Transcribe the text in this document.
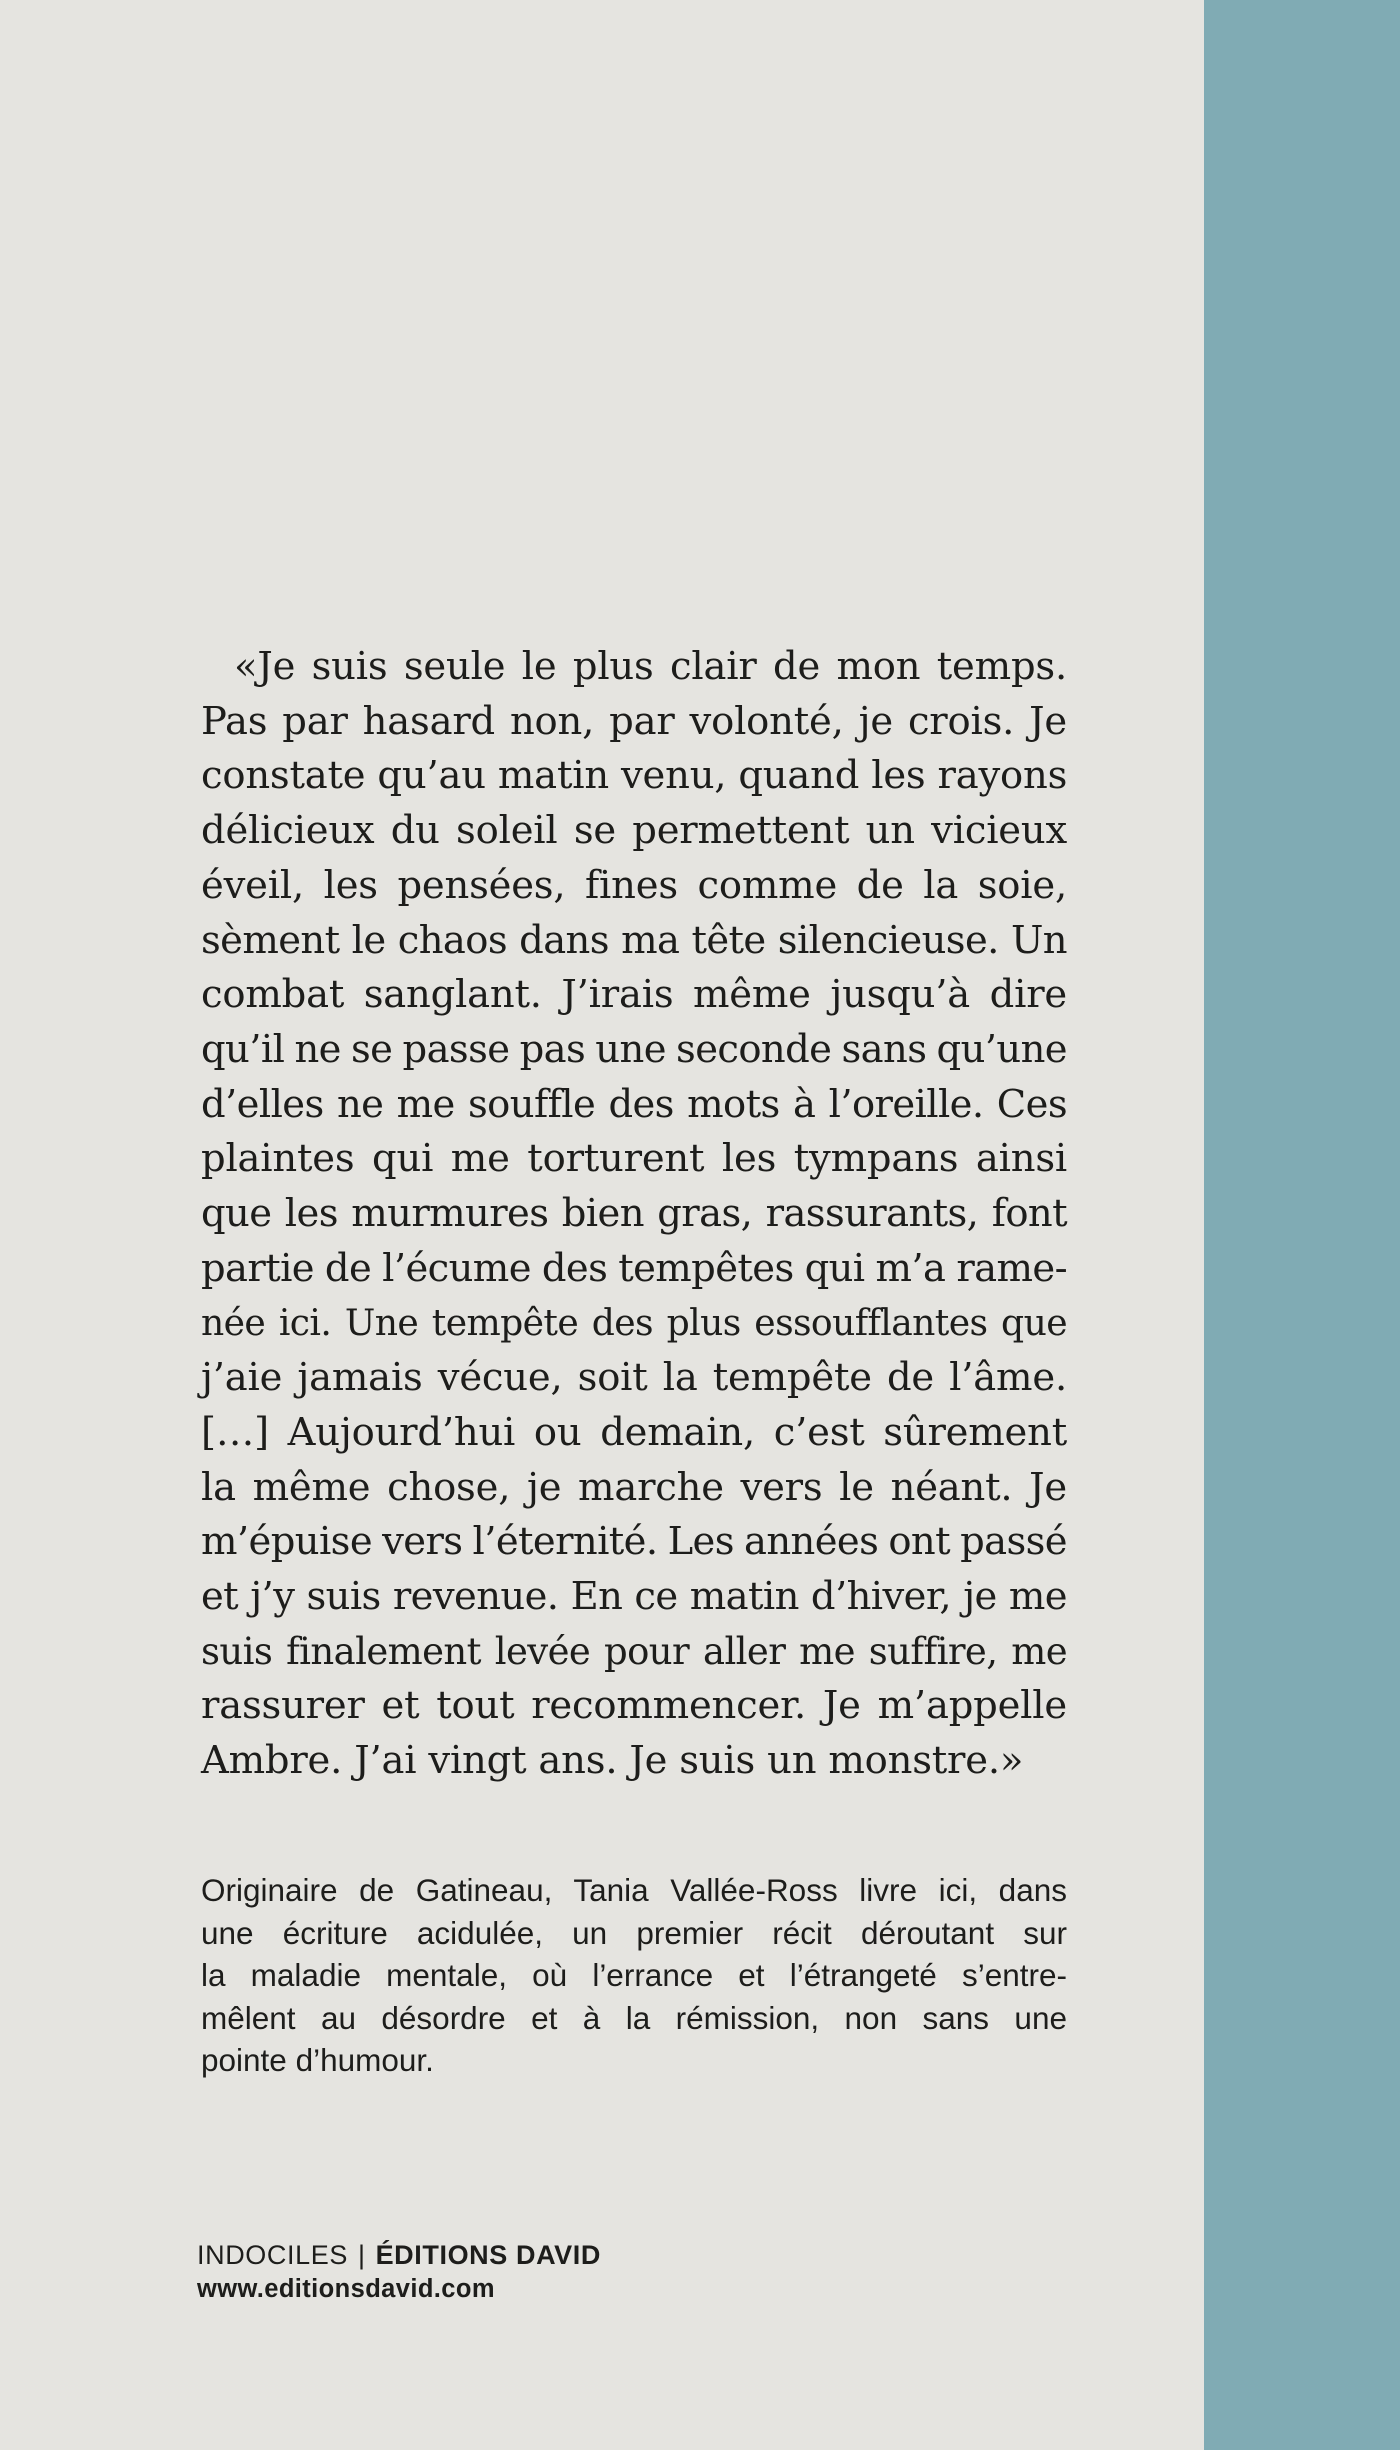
«Je suis seule le plus clair de mon temps.
Pas par hasard non, par volonté, je crois. Je
constate qu’au matin venu, quand les rayons
délicieux du soleil se permettent un vicieux
éveil, les pensées, fines comme de la soie,
sèment le chaos dans ma tête silencieuse. Un
combat sanglant. J’irais même jusqu’à dire
qu’il ne se passe pas une seconde sans qu’une
d’elles ne me souffle des mots à l’oreille. Ces
plaintes qui me torturent les tympans ainsi
que les murmures bien gras, rassurants, font
partie de l’écume des tempêtes qui m’a rame-
née ici. Une tempête des plus essoufflantes que
j’aie jamais vécue, soit la tempête de l’âme.
[…] Aujourd’hui ou demain, c’est sûrement
la même chose, je marche vers le néant. Je
m’épuise vers l’éternité. Les années ont passé
et j’y suis revenue. En ce matin d’hiver, je me
suis finalement levée pour aller me suffire, me
rassurer et tout recommencer. Je m’appelle
Ambre. J’ai vingt ans. Je suis un monstre.»
Originaire de Gatineau, Tania Vallée-Ross livre ici, dans
une écriture acidulée, un premier récit déroutant sur
la maladie mentale, où l’errance et l’étrangeté s’entre-
mêlent au désordre et à la rémission, non sans une
pointe d’humour.
INDOCILES | ÉDITIONS DAVID
www.editionsdavid.com
